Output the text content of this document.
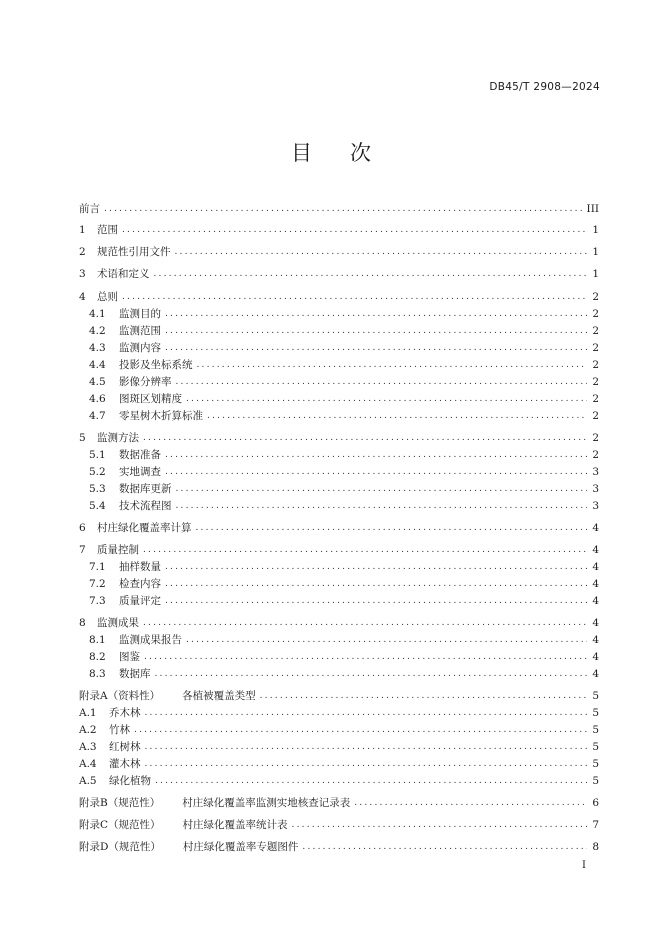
DB45/T 2908—2024
目 次
前言 .....	III
1	范围 .....	1
2	规范性引用文件 .....	1
3	术语和定义 .....	1
4	总则 .....	2
4.1	监测目的 .....	2
4.2	监测范围 .....	2
4.3	监测内容 .....	2
4.4	投影及坐标系统 .....	2
4.5	影像分辨率 .....	2
4.6	图斑区划精度 .....	2
4.7	零星树木折算标准 .....	2
5	监测方法 .....	2
5.1	数据准备 .....	2
5.2	实地调查 .....	3
5.3	数据库更新 .....	3
5.4	技术流程图 .....	3
6	村庄绿化覆盖率计算 .....	4
7	质量控制 .....	4
7.1	抽样数量 .....	4
7.2	检查内容 .....	4
7.3	质量评定 .....	4
8	监测成果 .....	4
8.1	监测成果报告 .....	4
8.2	图鉴 .....	4
8.3	数据库 .....	4
附录A（资料性） 各植被覆盖类型 .....	5
A.1	乔木林 .....	5
A.2	竹林 .....	5
A.3	红树林 .....	5
A.4	灌木林 .....	5
A.5	绿化植物 .....	5
附录B（规范性） 村庄绿化覆盖率监测实地核查记录表 .....	6
附录C（规范性） 村庄绿化覆盖率统计表 .....	7
附录D（规范性） 村庄绿化覆盖率专题图件 .....	8
I
